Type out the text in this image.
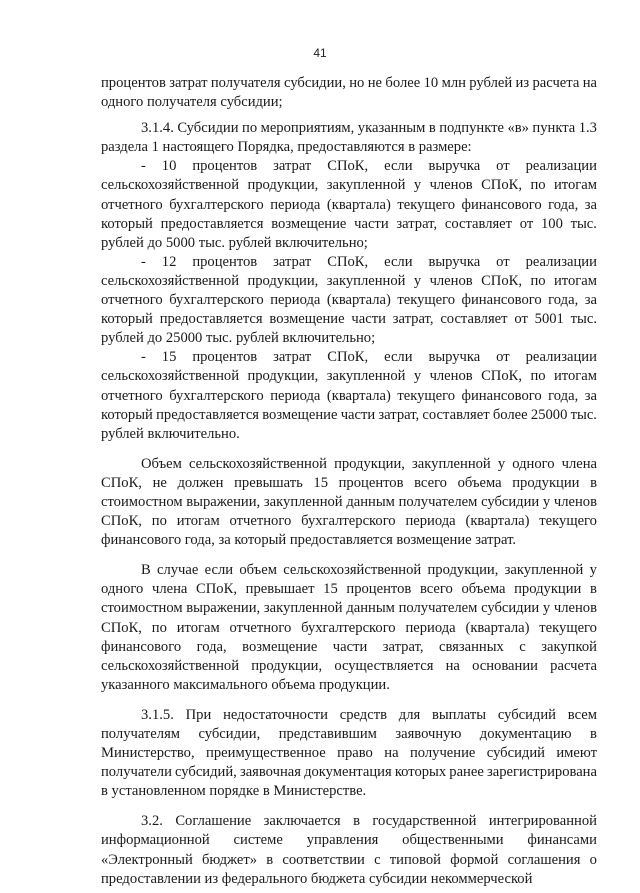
41
процентов затрат получателя субсидии, но не более 10 млн рублей из расчета на
одного получателя субсидии;
3.1.4. Субсидии по мероприятиям, указанным в подпункте «в» пункта 1.3
раздела 1 настоящего Порядка, предоставляются в размере:
- 10 процентов затрат СПоК, если выручка от реализации
сельскохозяйственной продукции, закупленной у членов СПоК, по итогам
отчетного бухгалтерского периода (квартала) текущего финансового года, за
который предоставляется возмещение части затрат, составляет от 100 тыс.
рублей до 5000 тыс. рублей включительно;
- 12 процентов затрат СПоК, если выручка от реализации
сельскохозяйственной продукции, закупленной у членов СПоК, по итогам
отчетного бухгалтерского периода (квартала) текущего финансового года, за
который предоставляется возмещение части затрат, составляет от 5001 тыс.
рублей до 25000 тыс. рублей включительно;
- 15 процентов затрат СПоК, если выручка от реализации
сельскохозяйственной продукции, закупленной у членов СПоК, по итогам
отчетного бухгалтерского периода (квартала) текущего финансового года, за
который предоставляется возмещение части затрат, составляет более 25000 тыс.
рублей включительно.
Объем сельскохозяйственной продукции, закупленной у одного члена
СПоК, не должен превышать 15 процентов всего объема продукции в
стоимостном выражении, закупленной данным получателем субсидии у членов
СПоК, по итогам отчетного бухгалтерского периода (квартала) текущего
финансового года, за который предоставляется возмещение затрат.
В случае если объем сельскохозяйственной продукции, закупленной у
одного члена СПоК, превышает 15 процентов всего объема продукции в
стоимостном выражении, закупленной данным получателем субсидии у членов
СПоК, по итогам отчетного бухгалтерского периода (квартала) текущего
финансового года, возмещение части затрат, связанных с закупкой
сельскохозяйственной продукции, осуществляется на основании расчета
указанного максимального объема продукции.
3.1.5. При недостаточности средств для выплаты субсидий всем
получателям субсидии, представившим заявочную документацию в
Министерство, преимущественное право на получение субсидий имеют
получатели субсидий, заявочная документация которых ранее зарегистрирована
в установленном порядке в Министерстве.
3.2. Соглашение заключается в государственной интегрированной
информационной системе управления общественными финансами
«Электронный бюджет» в соответствии с типовой формой соглашения о
предоставлении из федерального бюджета субсидии некоммерческой
